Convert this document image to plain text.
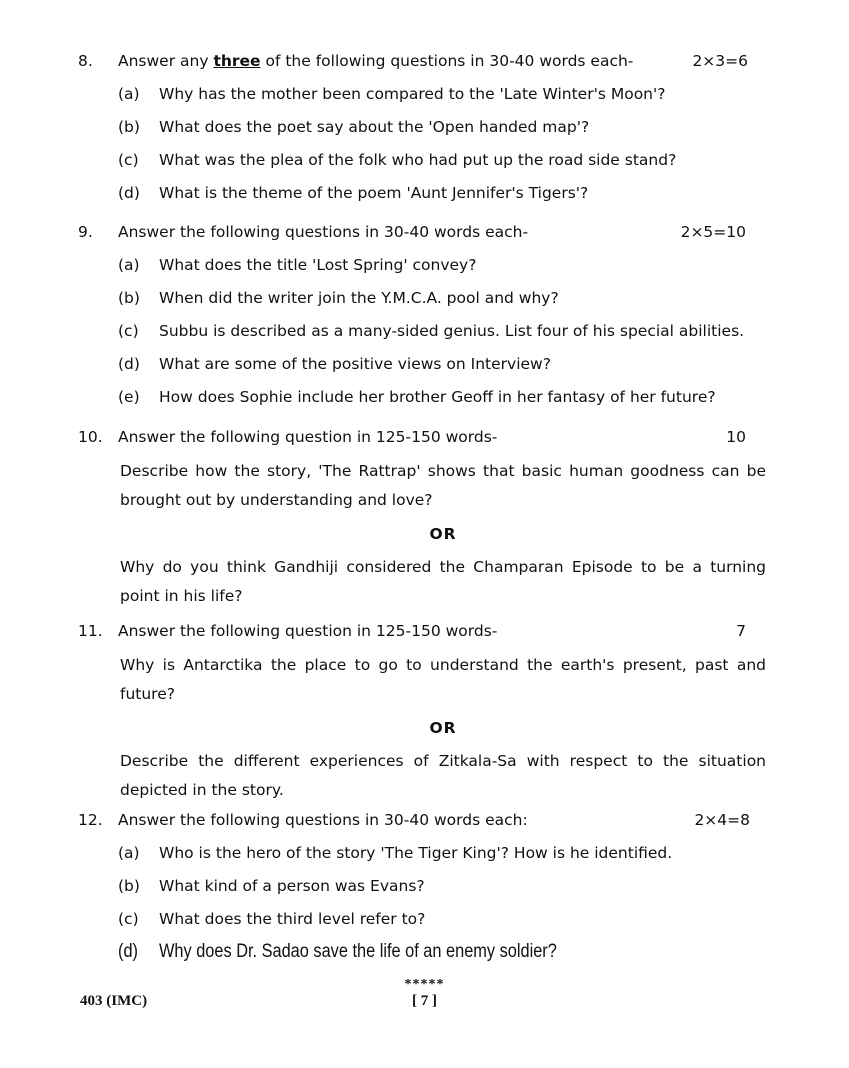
8. Answer any three of the following questions in 30-40 words each-	2×3=6
(a) Why has the mother been compared to the 'Late Winter's Moon'?
(b) What does the poet say about the 'Open handed map'?
(c) What was the plea of the folk who had put up the road side stand?
(d) What is the theme of the poem 'Aunt Jennifer's Tigers'?
9. Answer the following questions in 30-40 words each-	2×5=10
(a) What does the title 'Lost Spring' convey?
(b) When did the writer join the Y.M.C.A. pool and why?
(c) Subbu is described as a many-sided genius. List four of his special abilities.
(d) What are some of the positive views on Interview?
(e) How does Sophie include her brother Geoff in her fantasy of her future?
10. Answer the following question in 125-150 words-	10
Describe how the story, 'The Rattrap' shows that basic human goodness can be brought out by understanding and love?
OR
Why do you think Gandhiji considered the Champaran Episode to be a turning point in his life?
11. Answer the following question in 125-150 words-	7
Why is Antarctika the place to go to understand the earth's present, past and future?
OR
Describe the different experiences of Zitkala-Sa with respect to the situation depicted in the story.
12. Answer the following questions in 30-40 words each:	2×4=8
(a) Who is the hero of the story 'The Tiger King'? How is he identified.
(b) What kind of a person was Evans?
(c) What does the third level refer to?
(d) Why does Dr. Sadao save the life of an enemy soldier?
403 (IMC)
*****
[ 7 ]
